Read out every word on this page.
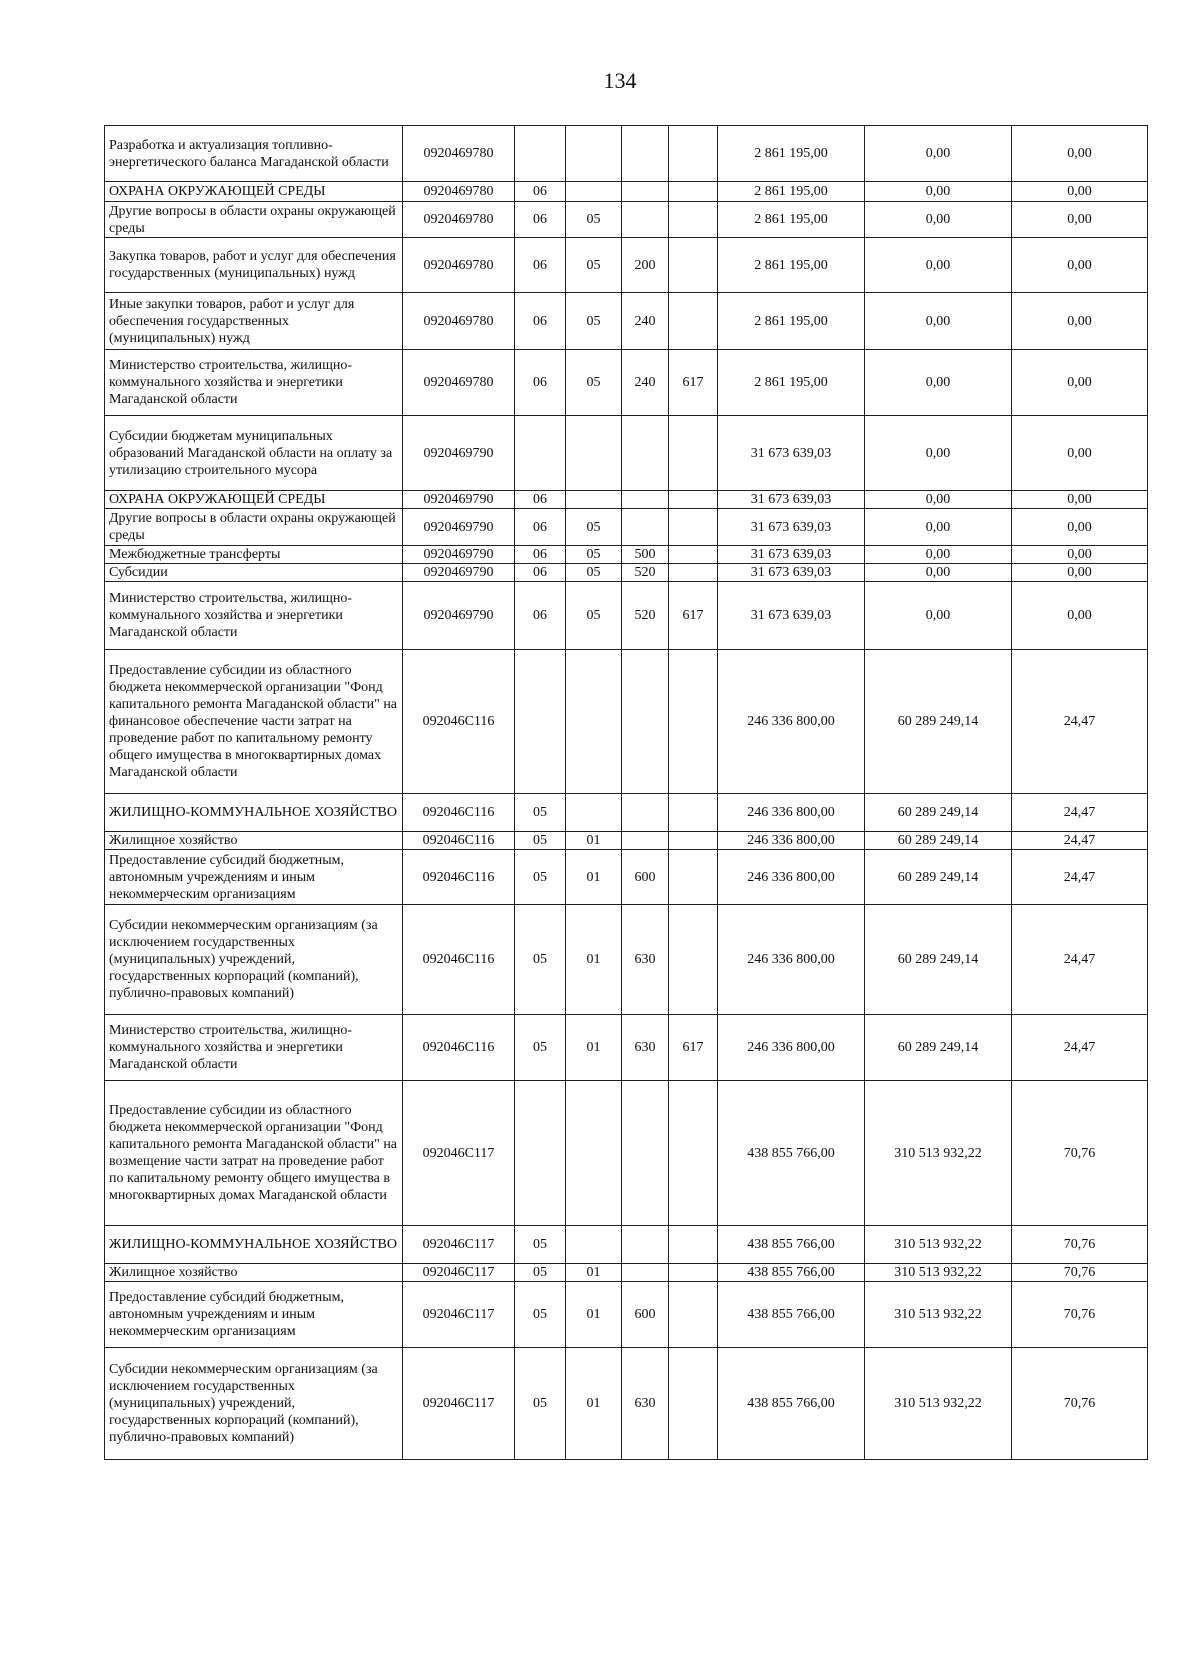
134
Разработка и актуализация топливно-энергетического баланса Магаданской области	0920469780					2 861 195,00	0,00	0,00
ОХРАНА ОКРУЖАЮЩЕЙ СРЕДЫ	0920469780	06				2 861 195,00	0,00	0,00
Другие вопросы в области охраны окружающей среды	0920469780	06	05			2 861 195,00	0,00	0,00
Закупка товаров, работ и услуг для обеспечения государственных (муниципальных) нужд	0920469780	06	05	200		2 861 195,00	0,00	0,00
Иные закупки товаров, работ и услуг для обеспечения государственных (муниципальных) нужд	0920469780	06	05	240		2 861 195,00	0,00	0,00
Министерство строительства, жилищно-коммунального хозяйства и энергетики Магаданской области	0920469780	06	05	240	617	2 861 195,00	0,00	0,00
Субсидии бюджетам муниципальных образований Магаданской области на оплату за утилизацию строительного мусора	0920469790					31 673 639,03	0,00	0,00
ОХРАНА ОКРУЖАЮЩЕЙ СРЕДЫ	0920469790	06				31 673 639,03	0,00	0,00
Другие вопросы в области охраны окружающей среды	0920469790	06	05			31 673 639,03	0,00	0,00
Межбюджетные трансферты	0920469790	06	05	500		31 673 639,03	0,00	0,00
Субсидии	0920469790	06	05	520		31 673 639,03	0,00	0,00
Министерство строительства, жилищно-коммунального хозяйства и энергетики Магаданской области	0920469790	06	05	520	617	31 673 639,03	0,00	0,00
Предоставление субсидии из областного бюджета некоммерческой организации "Фонд капитального ремонта Магаданской области" на финансовое обеспечение части затрат на проведение работ по капитальному ремонту общего имущества в многоквартирных домах Магаданской области	092046С116					246 336 800,00	60 289 249,14	24,47
ЖИЛИЩНО-КОММУНАЛЬНОЕ ХОЗЯЙСТВО	092046С116	05				246 336 800,00	60 289 249,14	24,47
Жилищное хозяйство	092046С116	05	01			246 336 800,00	60 289 249,14	24,47
Предоставление субсидий бюджетным, автономным учреждениям и иным некоммерческим организациям	092046С116	05	01	600		246 336 800,00	60 289 249,14	24,47
Субсидии некоммерческим организациям (за исключением государственных (муниципальных) учреждений, государственных корпораций (компаний), публично-правовых компаний)	092046С116	05	01	630		246 336 800,00	60 289 249,14	24,47
Министерство строительства, жилищно-коммунального хозяйства и энергетики Магаданской области	092046С116	05	01	630	617	246 336 800,00	60 289 249,14	24,47
Предоставление субсидии из областного бюджета некоммерческой организации "Фонд капитального ремонта Магаданской области" на возмещение части затрат на проведение работ по капитальному ремонту общего имущества в многоквартирных домах Магаданской области	092046С117					438 855 766,00	310 513 932,22	70,76
ЖИЛИЩНО-КОММУНАЛЬНОЕ ХОЗЯЙСТВО	092046С117	05				438 855 766,00	310 513 932,22	70,76
Жилищное хозяйство	092046С117	05	01			438 855 766,00	310 513 932,22	70,76
Предоставление субсидий бюджетным, автономным учреждениям и иным некоммерческим организациям	092046С117	05	01	600		438 855 766,00	310 513 932,22	70,76
Субсидии некоммерческим организациям (за исключением государственных (муниципальных) учреждений, государственных корпораций (компаний), публично-правовых компаний)	092046С117	05	01	630		438 855 766,00	310 513 932,22	70,76
